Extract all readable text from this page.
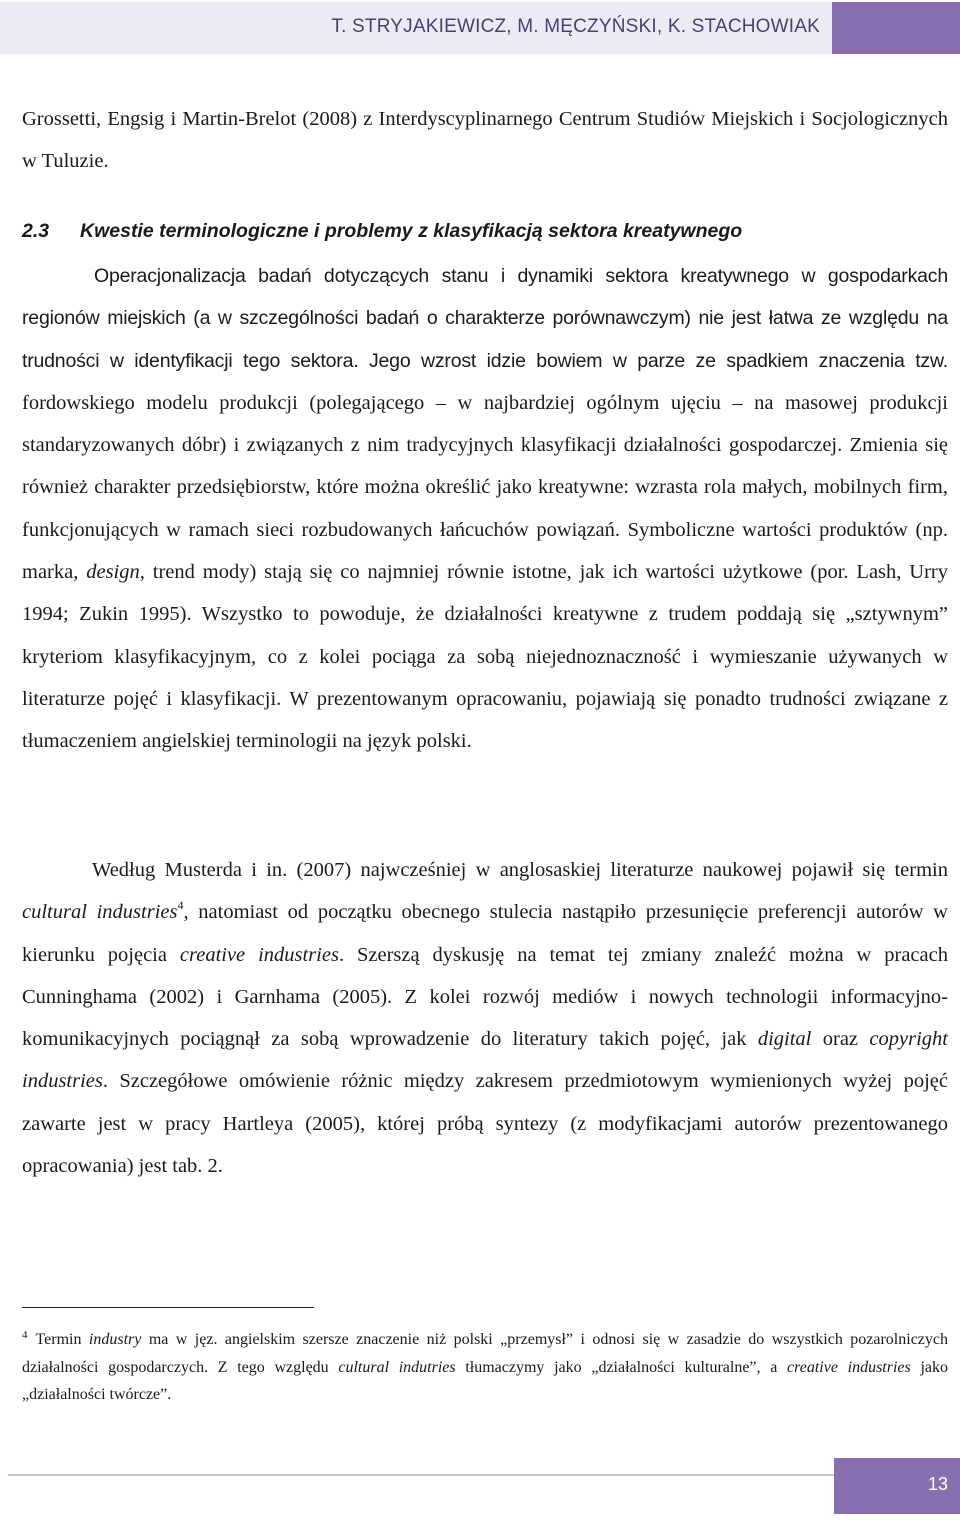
T. STRYJAKIEWICZ, M. MĘCZYŃSKI, K. STACHOWIAK

Grossetti, Engsig i Martin-Brelot (2008) z Interdyscyplinarnego Centrum Studiów Miejskich i Socjologicznych w Tuluzie.

2.3 Kwestie terminologiczne i problemy z klasyfikacją sektora kreatywnego

Operacjonalizacja badań dotyczących stanu i dynamiki sektora kreatywnego w gospodarkach regionów miejskich (a w szczególności badań o charakterze porównawczym) nie jest łatwa ze względu na trudności w identyfikacji tego sektora. Jego wzrost idzie bowiem w parze ze spadkiem znaczenia tzw. fordowskiego modelu produkcji (polegającego – w najbardziej ogólnym ujęciu – na masowej produkcji standaryzowanych dóbr) i związanych z nim tradycyjnych klasyfikacji działalności gospodarczej. Zmienia się również charakter przedsiębiorstw, które można określić jako kreatywne: wzrasta rola małych, mobilnych firm, funkcjonujących w ramach sieci rozbudowanych łańcuchów powiązań. Symboliczne wartości produktów (np. marka, design, trend mody) stają się co najmniej równie istotne, jak ich wartości użytkowe (por. Lash, Urry 1994; Zukin 1995). Wszystko to powoduje, że działalności kreatywne z trudem poddają się „sztywnym” kryteriom klasyfikacyjnym, co z kolei pociąga za sobą niejednoznaczność i wymieszanie używanych w literaturze pojęć i klasyfikacji. W prezentowanym opracowaniu, pojawiają się ponadto trudności związane z tłumaczeniem angielskiej terminologii na język polski.

Według Musterda i in. (2007) najwcześniej w anglosaskiej literaturze naukowej pojawił się termin cultural industries$^4$, natomiast od początku obecnego stulecia nastąpiło przesunięcie preferencji autorów w kierunku pojęcia creative industries. Szerszą dyskusję na temat tej zmiany znaleźć można w pracach Cunninghama (2002) i Garnhama (2005). Z kolei rozwój mediów i nowych technologii informacyjno-komunikacyjnych pociągnął za sobą wprowadzenie do literatury takich pojęć, jak digital oraz copyright industries. Szczegółowe omówienie różnic między zakresem przedmiotowym wymienionych wyżej pojęć zawarte jest w pracy Hartleya (2005), której próbą syntezy (z modyfikacjami autorów prezentowanego opracowania) jest tab. 2.

$^4$ Termin industry ma w jęz. angielskim szersze znaczenie niż polski „przemysł” i odnosi się w zasadzie do wszystkich pozarolniczych działalności gospodarczych. Z tego względu cultural indutries tłumaczymy jako „działalności kulturalne”, a creative industries jako „działalności twórcze”.

13
